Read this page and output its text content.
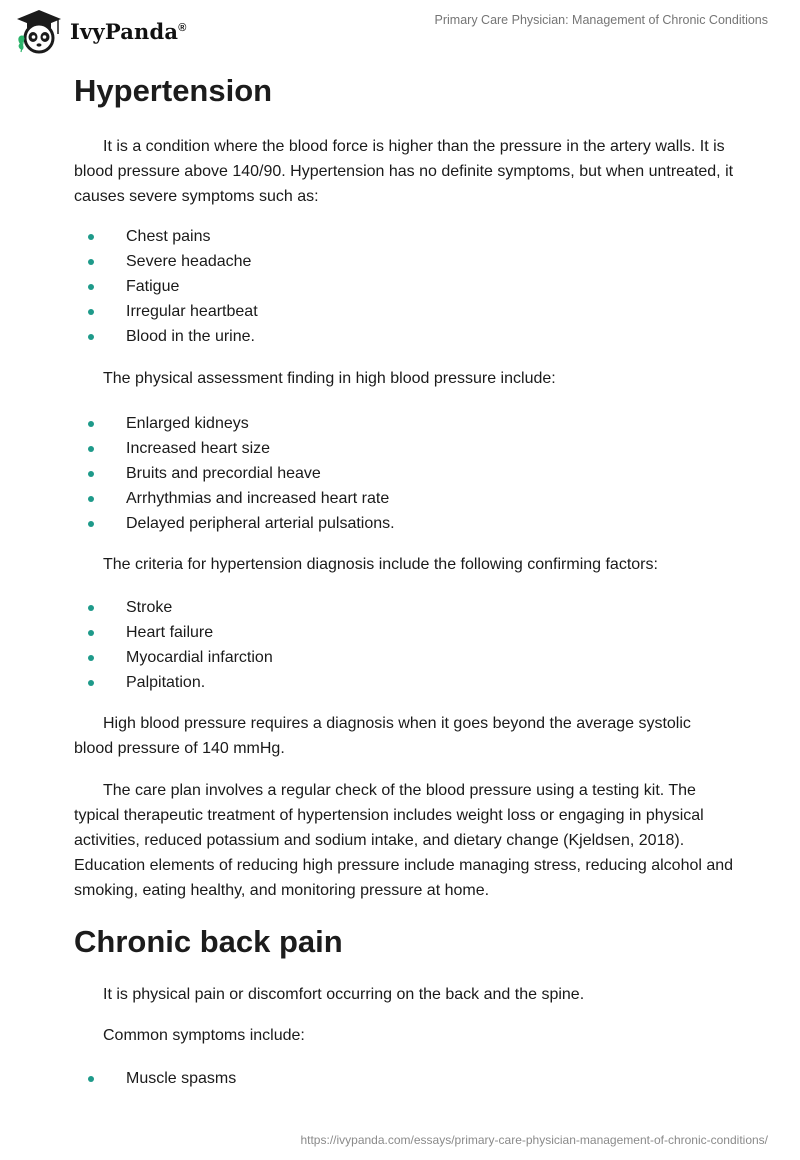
IvyPanda®
Primary Care Physician: Management of Chronic Conditions
Hypertension

It is a condition where the blood force is higher than the pressure in the artery walls. It is blood pressure above 140/90. Hypertension has no definite symptoms, but when untreated, it causes severe symptoms such as:

Chest pains
Severe headache
Fatigue
Irregular heartbeat
Blood in the urine.

The physical assessment finding in high blood pressure include:

Enlarged kidneys
Increased heart size
Bruits and precordial heave
Arrhythmias and increased heart rate
Delayed peripheral arterial pulsations.

The criteria for hypertension diagnosis include the following confirming factors:

Stroke
Heart failure
Myocardial infarction
Palpitation.

High blood pressure requires a diagnosis when it goes beyond the average systolic blood pressure of 140 mmHg.

The care plan involves a regular check of the blood pressure using a testing kit. The typical therapeutic treatment of hypertension includes weight loss or engaging in physical activities, reduced potassium and sodium intake, and dietary change (Kjeldsen, 2018). Education elements of reducing high pressure include managing stress, reducing alcohol and smoking, eating healthy, and monitoring pressure at home.

Chronic back pain

It is physical pain or discomfort occurring on the back and the spine.

Common symptoms include:

Muscle spasms
https://ivypanda.com/essays/primary-care-physician-management-of-chronic-conditions/
